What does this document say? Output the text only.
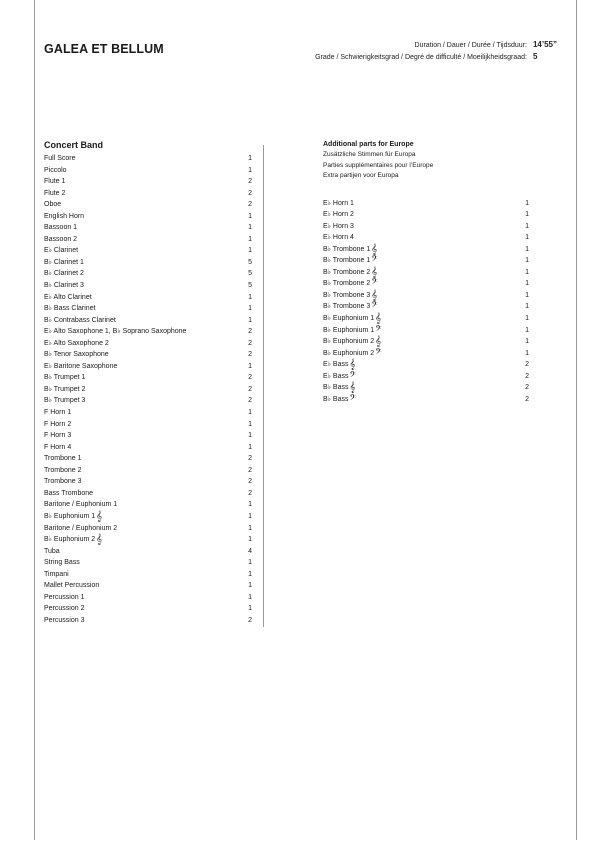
GALEA ET BELLUM	Duration / Dauer / Durée / Tijdsduur: 14’55”
Grade / Schwierigkeitsgrad / Degré de difficulté / Moeilijkheidsgraad: 5
Concert Band
Full Score	1
Piccolo	1
Flute 1	2
Flute 2	2
Oboe	2
English Horn	1
Bassoon 1	1
Bassoon 2	1
E♭ Clarinet	1
B♭ Clarinet 1	5
B♭ Clarinet 2	5
B♭ Clarinet 3	5
E♭ Alto Clarinet	1
B♭ Bass Clarinet	1
B♭ Contrabass Clarinet	1
E♭ Alto Saxophone 1, B♭ Soprano Saxophone	2
E♭ Alto Saxophone 2	2
B♭ Tenor Saxophone	2
E♭ Baritone Saxophone	1
B♭ Trumpet 1	2
B♭ Trumpet 2	2
B♭ Trumpet 3	2
F Horn 1	1
F Horn 2	1
F Horn 3	1
F Horn 4	1
Trombone 1	2
Trombone 2	2
Trombone 3	2
Bass Trombone	2
Baritone / Euphonium 1	1
B♭ Euphonium 1𝄞	1
Baritone / Euphonium 2	1
B♭ Euphonium 2𝄞	1
Tuba	4
String Bass	1
Timpani	1
Mallet Percussion	1
Percussion 1	1
Percussion 2	1
Percussion 3	2
Additional parts for Europe
Zusätzliche Stimmen für Europa
Parties supplémentaires pour l’Europe
Extra partijen voor Europa
E♭ Horn 1	1
E♭ Horn 2	1
E♭ Horn 3	1
E♭ Horn 4	1
B♭ Trombone 1𝄞	1
B♭ Trombone 1𝄢	1
B♭ Trombone 2𝄞	1
B♭ Trombone 2𝄢	1
B♭ Trombone 3𝄞	1
B♭ Trombone 3𝄢	1
B♭ Euphonium 1𝄞	1
B♭ Euphonium 1𝄢	1
B♭ Euphonium 2𝄞	1
B♭ Euphonium 2𝄢	1
E♭ Bass𝄞	2
E♭ Bass𝄢	2
B♭ Bass𝄞	2
B♭ Bass𝄢	2
